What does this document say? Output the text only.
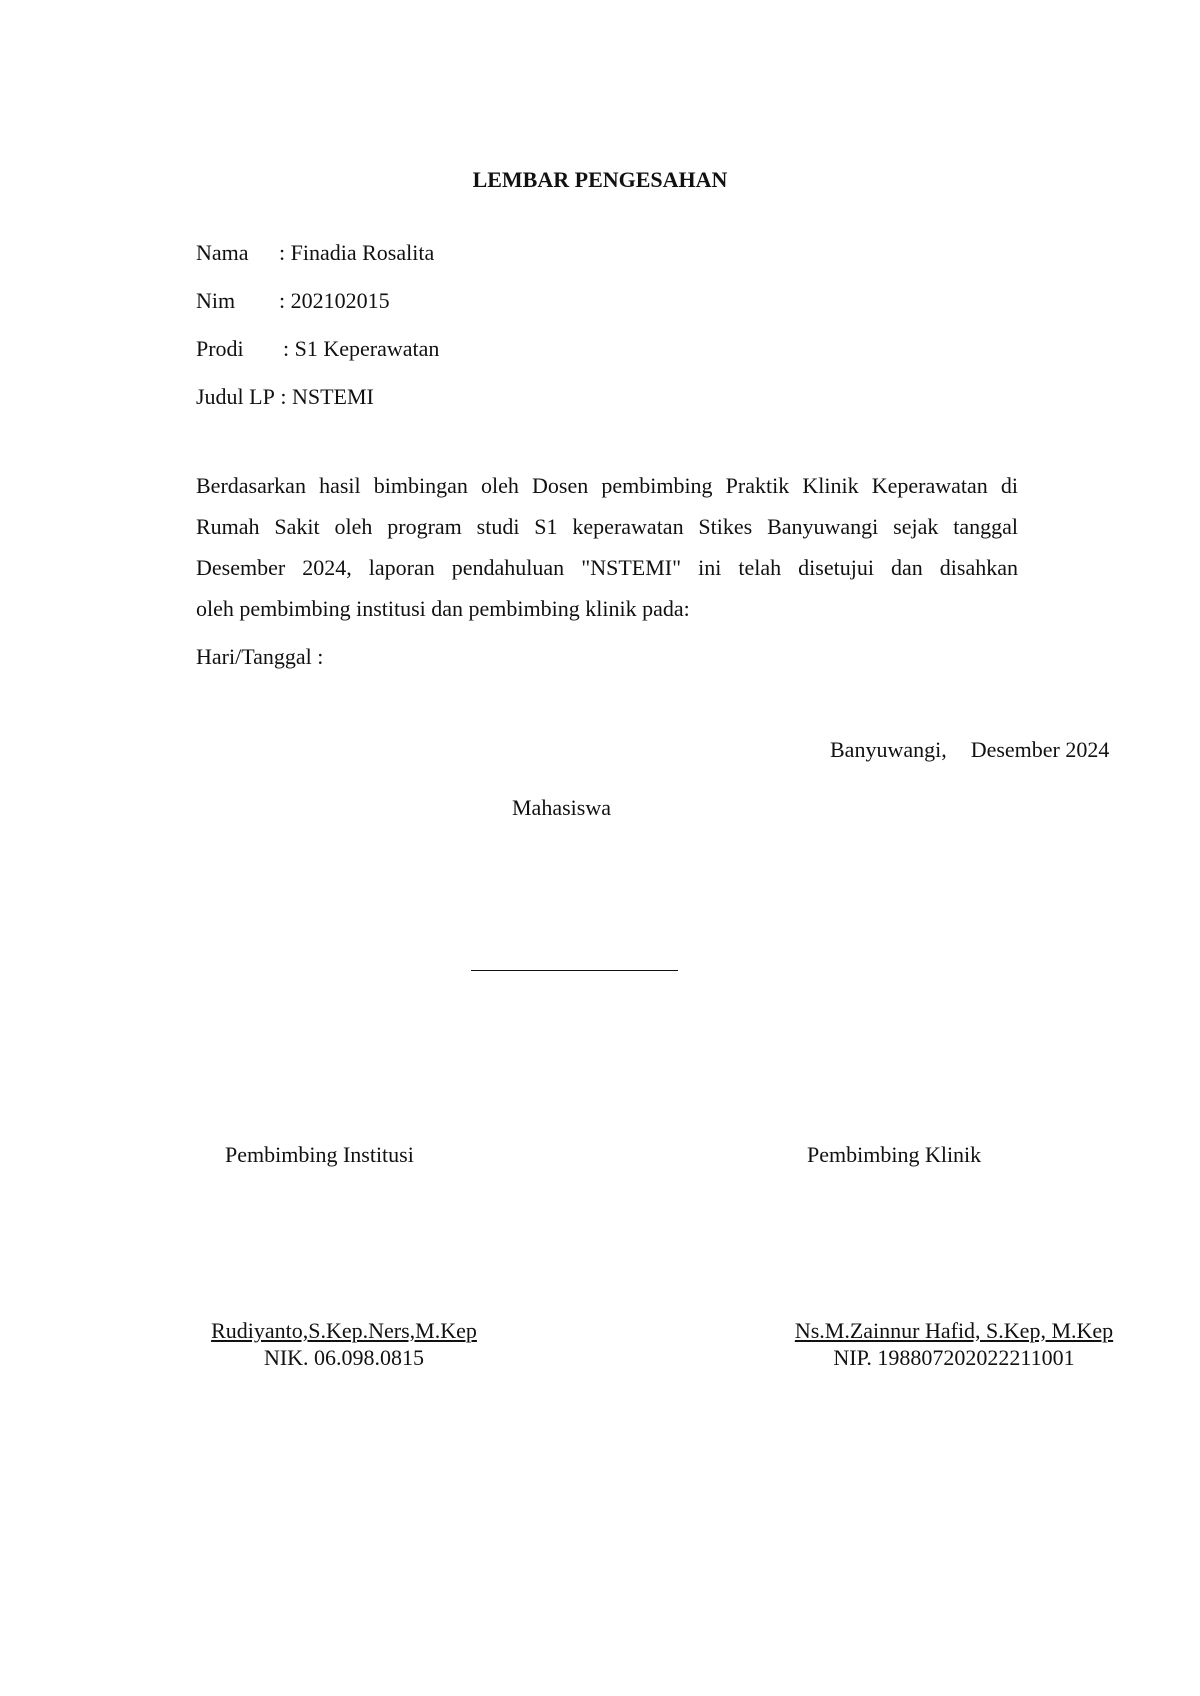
LEMBAR PENGESAHAN
Nama : Finadia Rosalita
Nim : 202102015
Prodi : S1 Keperawatan
Judul LP : NSTEMI

Berdasarkan hasil bimbingan oleh Dosen pembimbing Praktik Klinik Keperawatan di

Rumah Sakit oleh program studi S1 keperawatan Stikes Banyuwangi sejak tanggal

Desember 2024, laporan pendahuluan "NSTEMI" ini telah disetujui dan disahkan

oleh pembimbing institusi dan pembimbing klinik pada:

Hari/Tanggal :
Banyuwangi, Desember 2024
Mahasiswa
Pembimbing Institusi	Pembimbing Klinik
Rudiyanto,S.Kep.Ners,M.Kep
NIK. 06.098.0815
Ns.M.Zainnur Hafid, S.Kep, M.Kep
NIP. 198807202022211001
